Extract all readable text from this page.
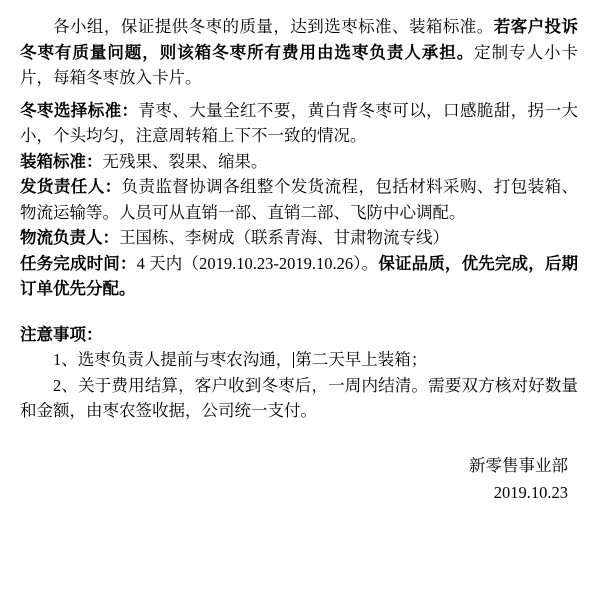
各小组，保证提供冬枣的质量，达到选枣标准、装箱标准。若客户投诉冬枣有质量问题，则该箱冬枣所有费用由选枣负责人承担。定制专人小卡片，每箱冬枣放入卡片。

冬枣选择标准：青枣、大量全红不要，黄白背冬枣可以，口感脆甜，拐一大小，个头均匀，注意周转箱上下不一致的情况。

装箱标准：无残果、裂果、缩果。

发货责任人：负责监督协调各组整个发货流程，包括材料采购、打包装箱、物流运输等。人员可从直销一部、直销二部、飞防中心调配。

物流负责人：王国栋、李树成（联系青海、甘肃物流专线）

任务完成时间：4 天内（2019.10.23-2019.10.26）。保证品质，优先完成，后期订单优先分配。

注意事项：

1、选枣负责人提前与枣农沟通， 第二天早上装箱；

2、关于费用结算，客户收到冬枣后，一周内结清。需要双方核对好数量和金额，由枣农签收据，公司统一支付。

新零售事业部
2019.10.23
